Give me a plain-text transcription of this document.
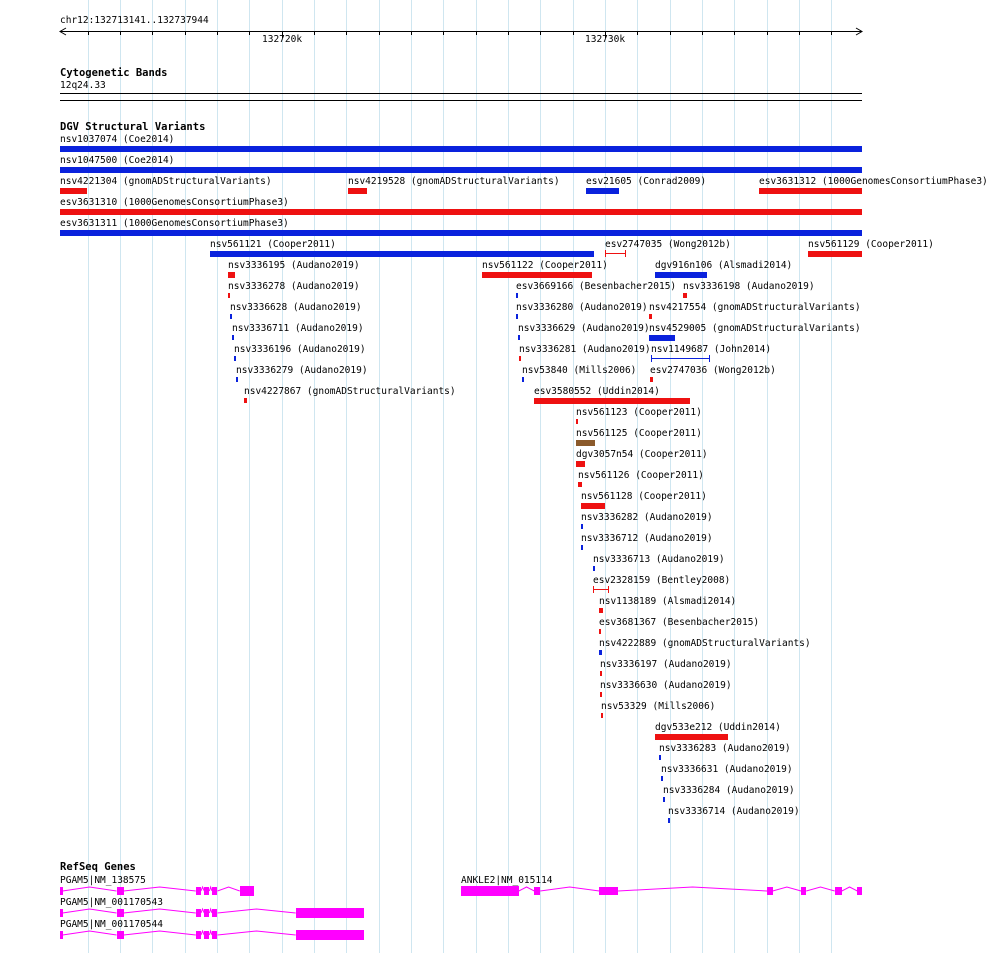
chr12:132713141..132737944
132720k	132730k
Cytogenetic Bands
12q24.33
DGV Structural Variants
nsv1037074 (Coe2014)
nsv1047500 (Coe2014)
nsv4221304 (gnomADStructuralVariants)	nsv4219528 (gnomADStructuralVariants)	esv21605 (Conrad2009)	esv3631312 (1000GenomesConsortiumPhase3)
esv3631310 (1000GenomesConsortiumPhase3)
esv3631311 (1000GenomesConsortiumPhase3)
nsv561121 (Cooper2011)	esv2747035 (Wong2012b)	nsv561129 (Cooper2011)
nsv3336195 (Audano2019)	nsv561122 (Cooper2011)	dgv916n106 (Alsmadi2014)
nsv3336278 (Audano2019)	esv3669166 (Besenbacher2015) nsv3336198 (Audano2019)
nsv3336628 (Audano2019)	nsv3336280 (Audano2019) nsv4217554 (gnomADStructuralVariants)
nsv3336711 (Audano2019)	nsv3336629 (Audano2019) nsv4529005 (gnomADStructuralVariants)
nsv3336196 (Audano2019)	nsv3336281 (Audano2019) nsv1149687 (John2014)
nsv3336279 (Audano2019)	nsv53840 (Mills2006) esv2747036 (Wong2012b)
nsv4227867 (gnomADStructuralVariants)	esv3580552 (Uddin2014)
nsv561123 (Cooper2011)
nsv561125 (Cooper2011)
dgv3057n54 (Cooper2011)
nsv561126 (Cooper2011)
nsv561128 (Cooper2011)
nsv3336282 (Audano2019)
nsv3336712 (Audano2019)
nsv3336713 (Audano2019)
esv2328159 (Bentley2008)
nsv1138189 (Alsmadi2014)
esv3681367 (Besenbacher2015)
nsv4222889 (gnomADStructuralVariants)
nsv3336197 (Audano2019)
nsv3336630 (Audano2019)
nsv53329 (Mills2006)
dgv533e212 (Uddin2014)
nsv3336283 (Audano2019)
nsv3336631 (Audano2019)
nsv3336284 (Audano2019)
nsv3336714 (Audano2019)
RefSeq Genes
PGAM5|NM_138575
PGAM5|NM_001170543
PGAM5|NM_001170544
ANKLE2|NM_015114
